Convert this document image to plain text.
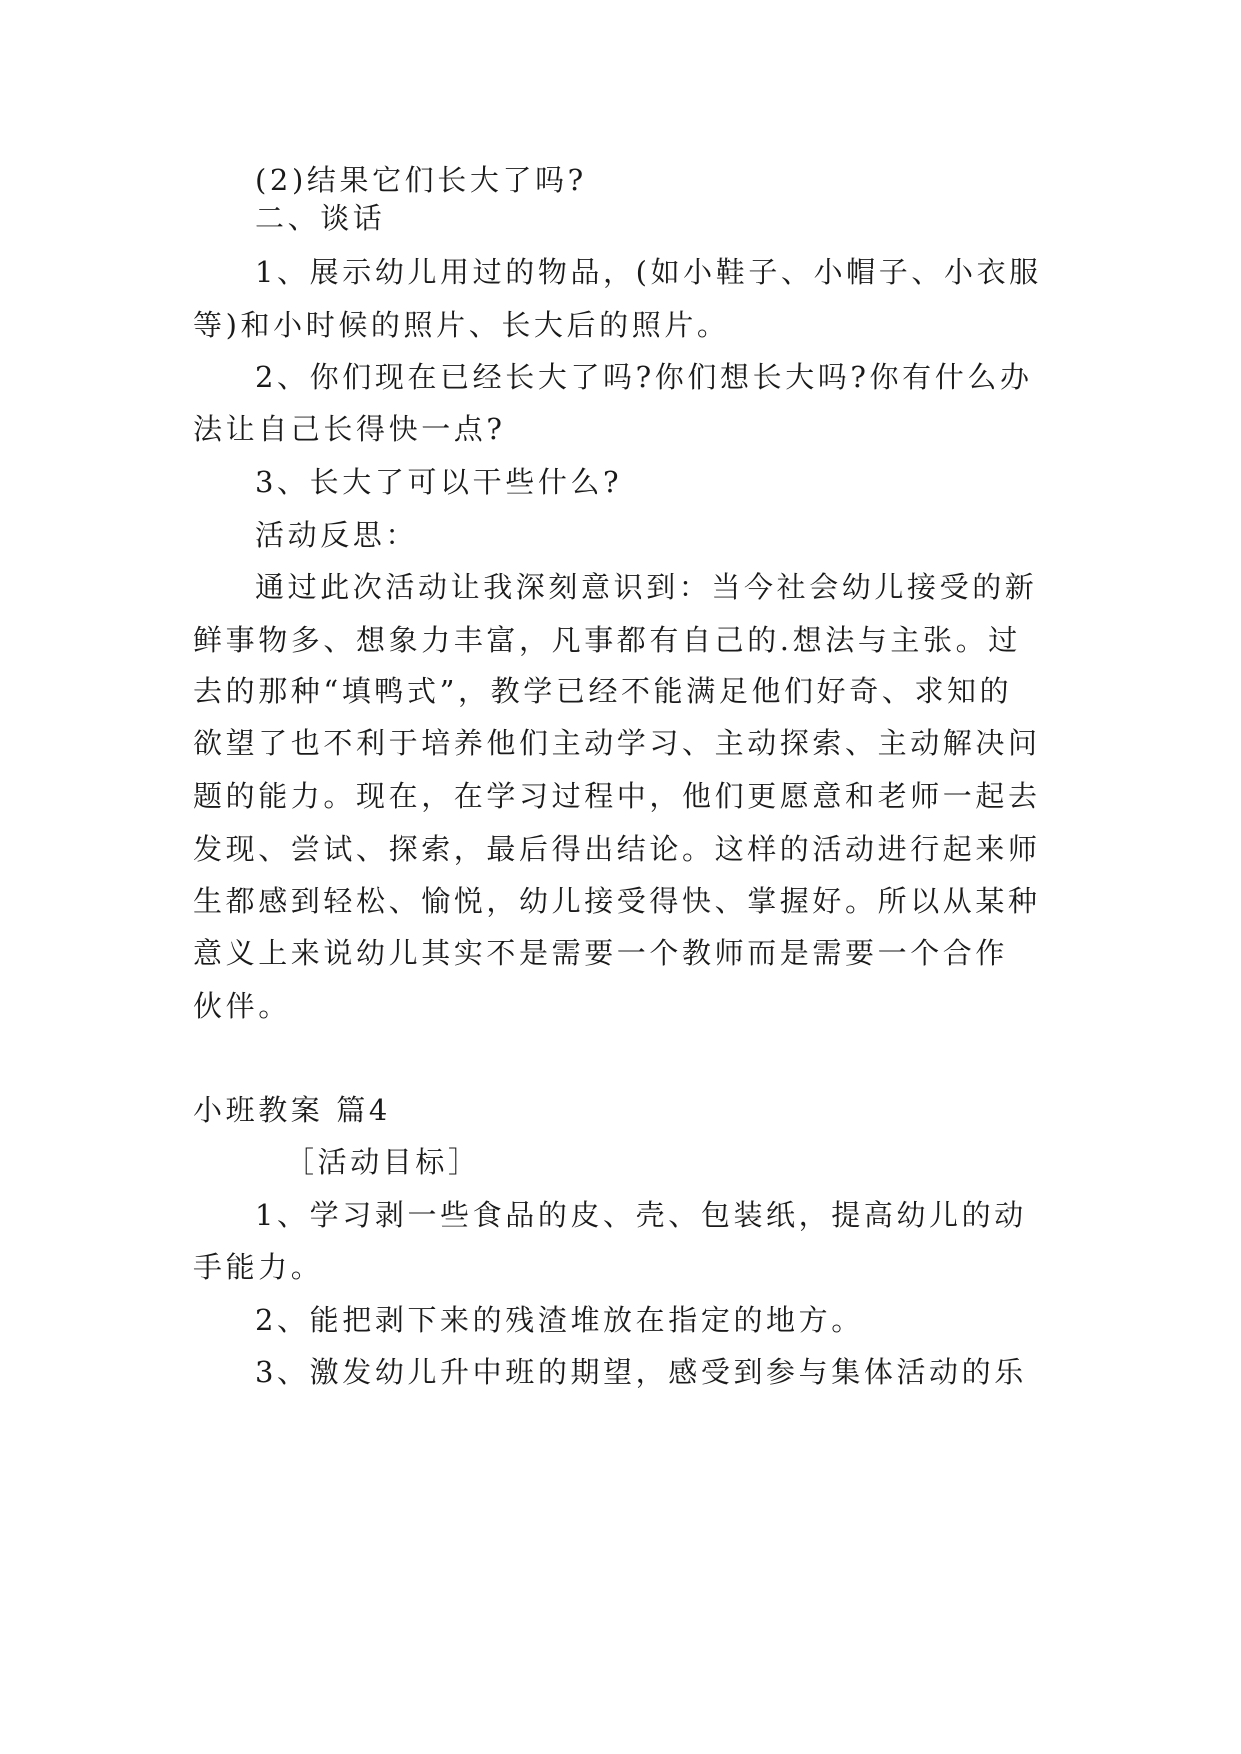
(2)结果它们长大了吗?
二、谈话
1、展示幼儿用过的物品，(如小鞋子、小帽子、小衣服
等)和小时候的照片、长大后的照片。
2、你们现在已经长大了吗?你们想长大吗?你有什么办
法让自己长得快一点?
3、长大了可以干些什么?
活动反思：
通过此次活动让我深刻意识到：当今社会幼儿接受的新
鲜事物多、想象力丰富，凡事都有自己的.想法与主张。过
去的那种“填鸭式”，教学已经不能满足他们好奇、求知的
欲望了也不利于培养他们主动学习、主动探索、主动解决问
题的能力。现在，在学习过程中，他们更愿意和老师一起去
发现、尝试、探索，最后得出结论。这样的活动进行起来师
生都感到轻松、愉悦，幼儿接受得快、掌握好。所以从某种
意义上来说幼儿其实不是需要一个教师而是需要一个合作
伙伴。
小班教案 篇4
［活动目标］
1、学习剥一些食品的皮、壳、包装纸，提高幼儿的动
手能力。
2、能把剥下来的残渣堆放在指定的地方。
3、激发幼儿升中班的期望，感受到参与集体活动的乐
